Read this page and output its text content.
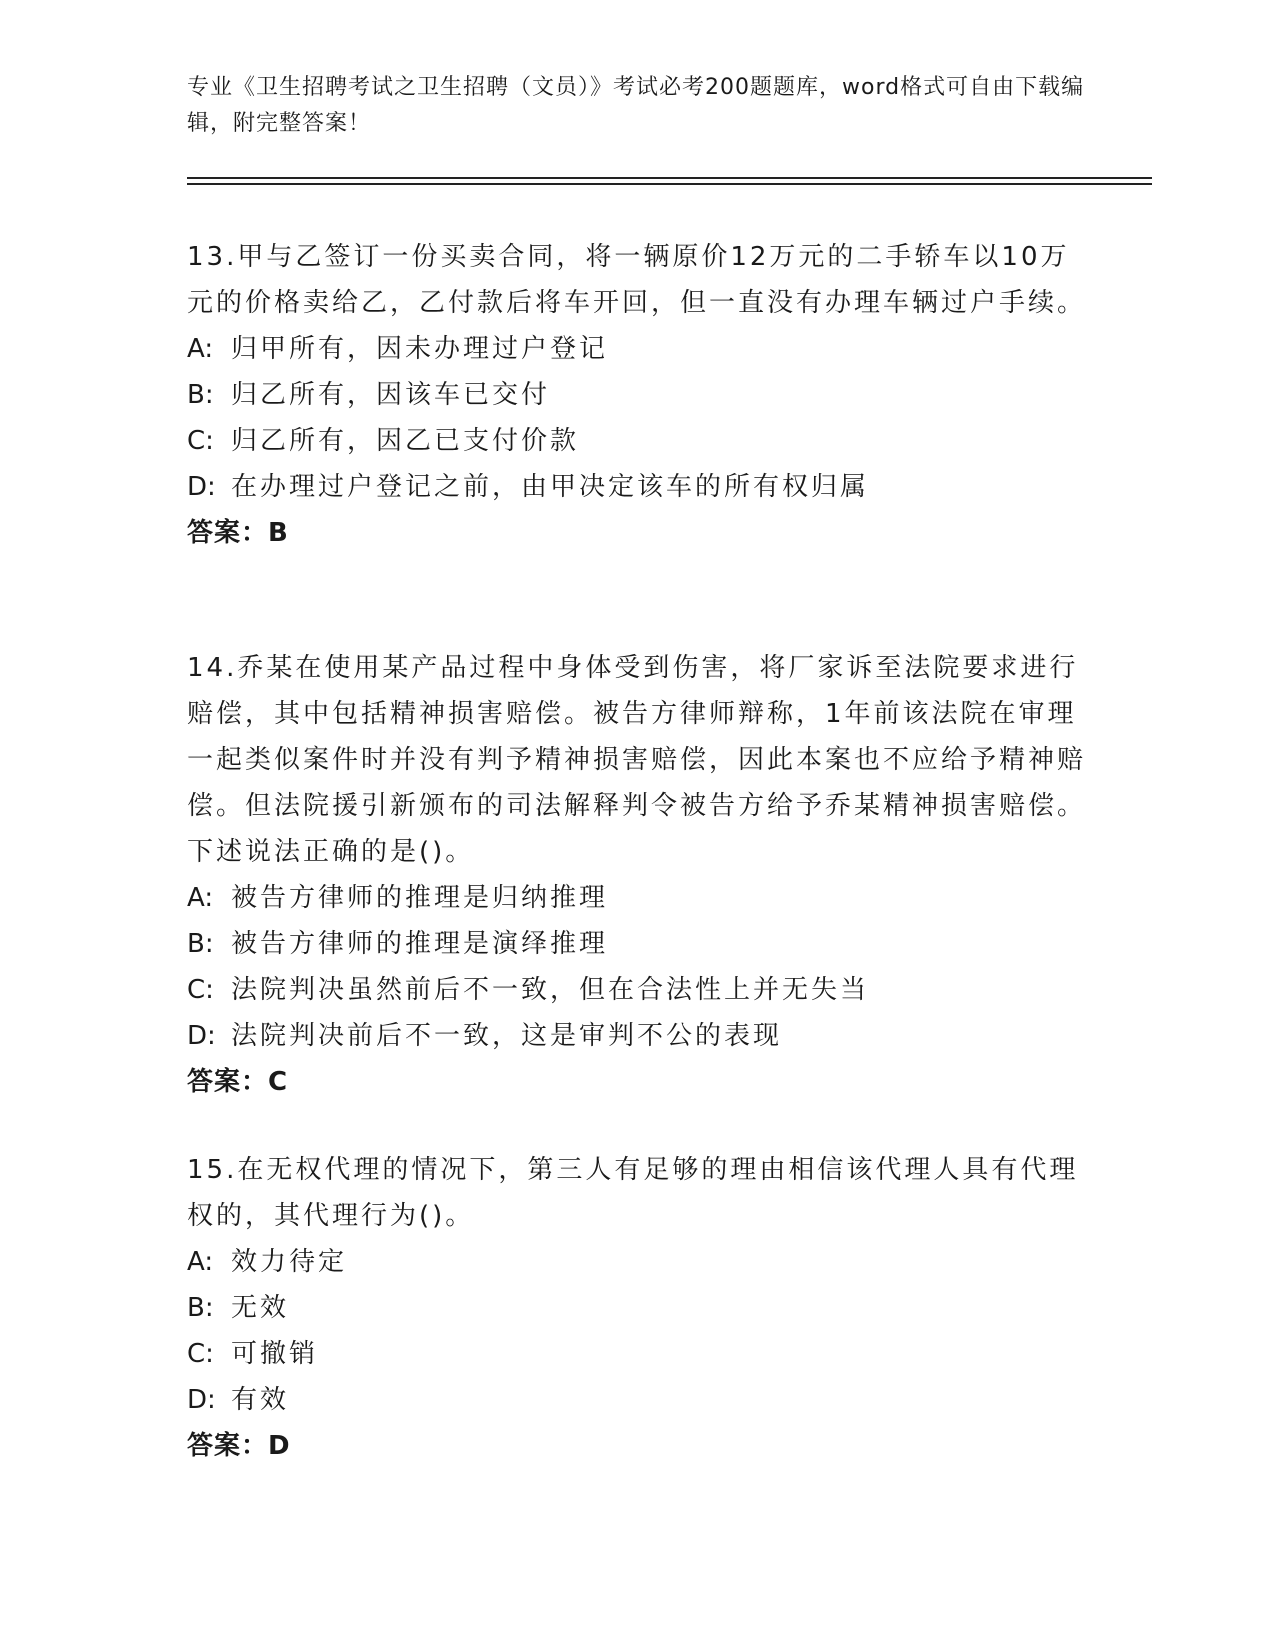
专业《卫生招聘考试之卫生招聘（文员）》考试必考200题题库，word格式可自由下载编辑，附完整答案！

13.甲与乙签订一份买卖合同，将一辆原价12万元的二手轿车以10万元的价格卖给乙，乙付款后将车开回，但一直没有办理车辆过户手续。

A: 归甲所有，因未办理过户登记

B: 归乙所有，因该车已交付

C: 归乙所有，因乙已支付价款

D: 在办理过户登记之前，由甲决定该车的所有权归属

答案：B

14.乔某在使用某产品过程中身体受到伤害，将厂家诉至法院要求进行赔偿，其中包括精神损害赔偿。被告方律师辩称，1年前该法院在审理一起类似案件时并没有判予精神损害赔偿，因此本案也不应给予精神赔偿。但法院援引新颁布的司法解释判令被告方给予乔某精神损害赔偿。下述说法正确的是()。

A: 被告方律师的推理是归纳推理

B: 被告方律师的推理是演绎推理

C: 法院判决虽然前后不一致，但在合法性上并无失当

D: 法院判决前后不一致，这是审判不公的表现

答案：C

15.在无权代理的情况下，第三人有足够的理由相信该代理人具有代理权的，其代理行为()。

A: 效力待定

B: 无效

C: 可撤销

D: 有效

答案：D
